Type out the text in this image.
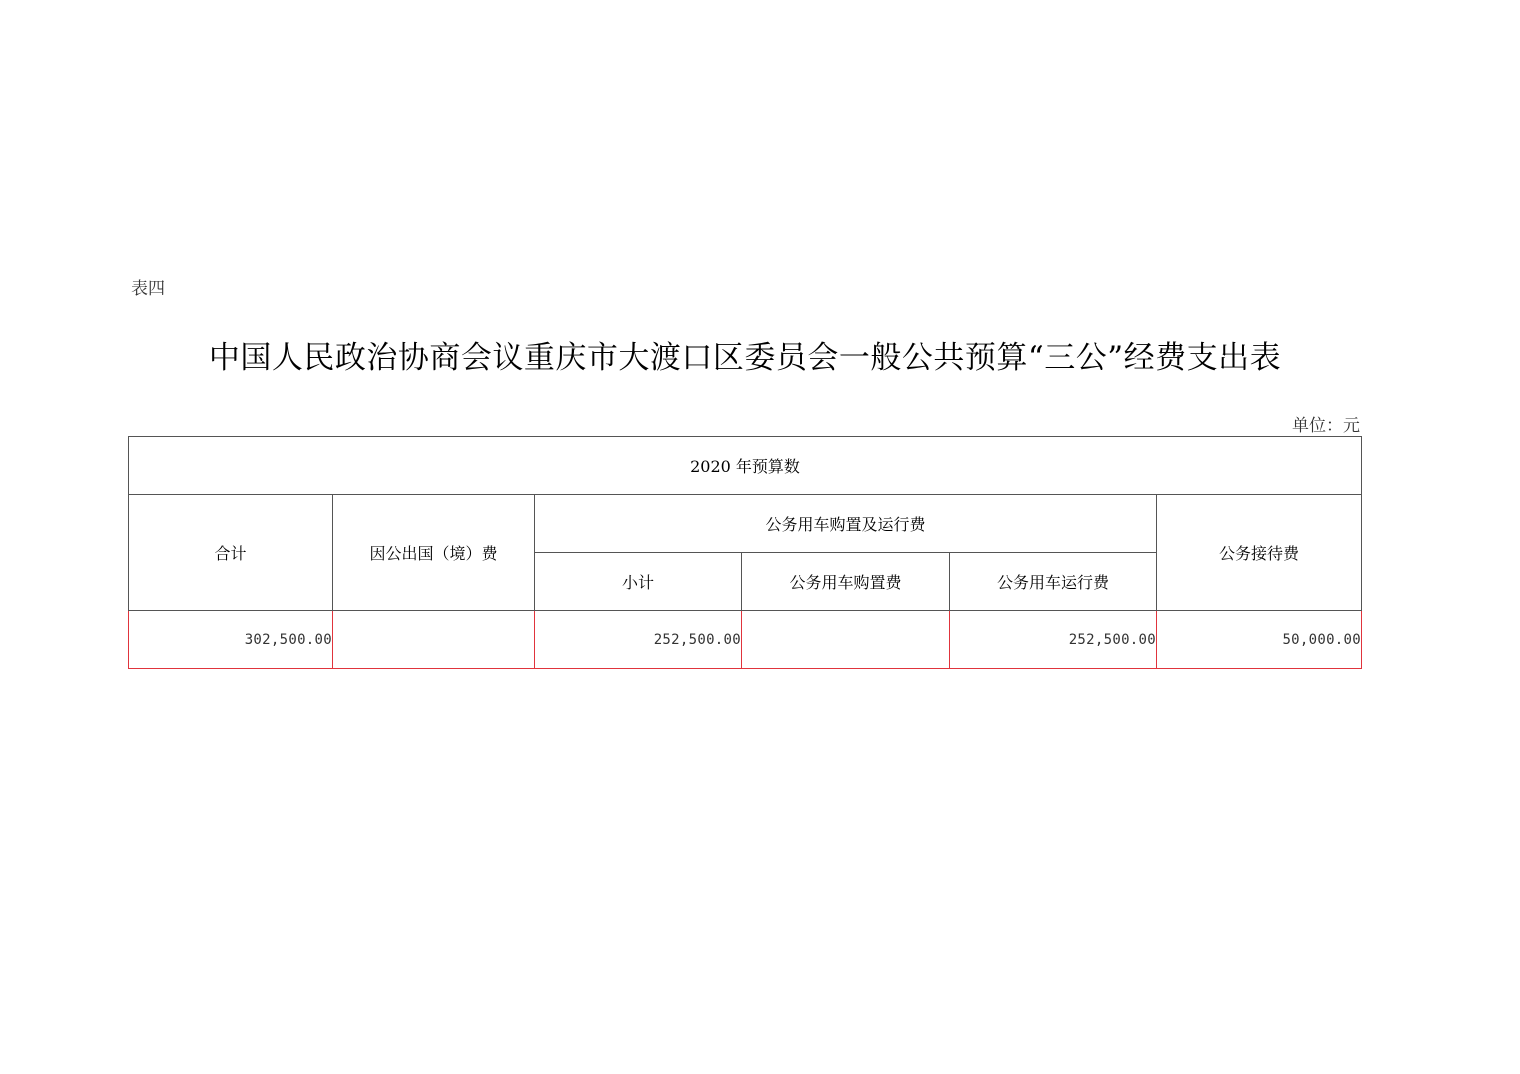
表四
中国人民政治协商会议重庆市大渡口区委员会一般公共预算“三公”经费支出表
单位：元
2020 年预算数					
合计	因公出国（境）费	公务用车购置及运行费			公务接待费
		小计	公务用车购置费	公务用车运行费	
302,500.00		252,500.00		252,500.00	50,000.00
